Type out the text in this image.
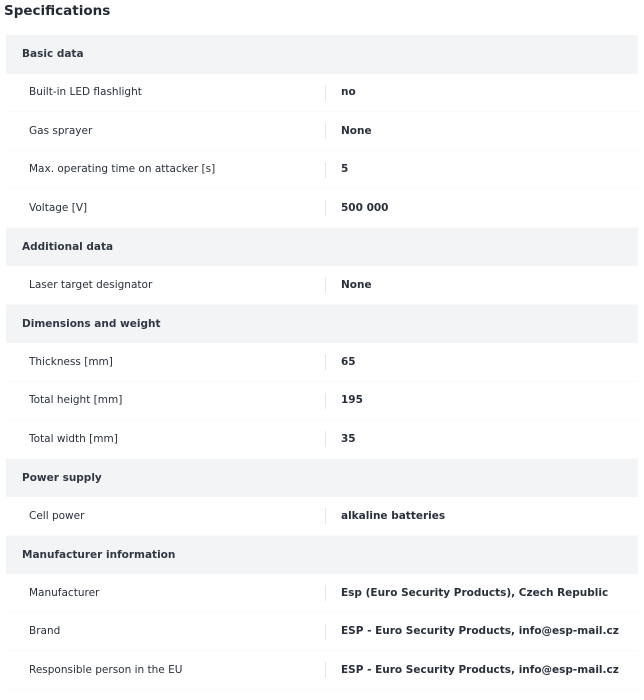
Specifications
Basic data
Built-in LED flashlight	no
Gas sprayer	None
Max. operating time on attacker [s]	5
Voltage [V]	500 000
Additional data
Laser target designator	None
Dimensions and weight
Thickness [mm]	65
Total height [mm]	195
Total width [mm]	35
Power supply
Cell power	alkaline batteries
Manufacturer information
Manufacturer	Esp (Euro Security Products), Czech Republic
Brand	ESP - Euro Security Products, info@esp-mail.cz
Responsible person in the EU	ESP - Euro Security Products, info@esp-mail.cz
